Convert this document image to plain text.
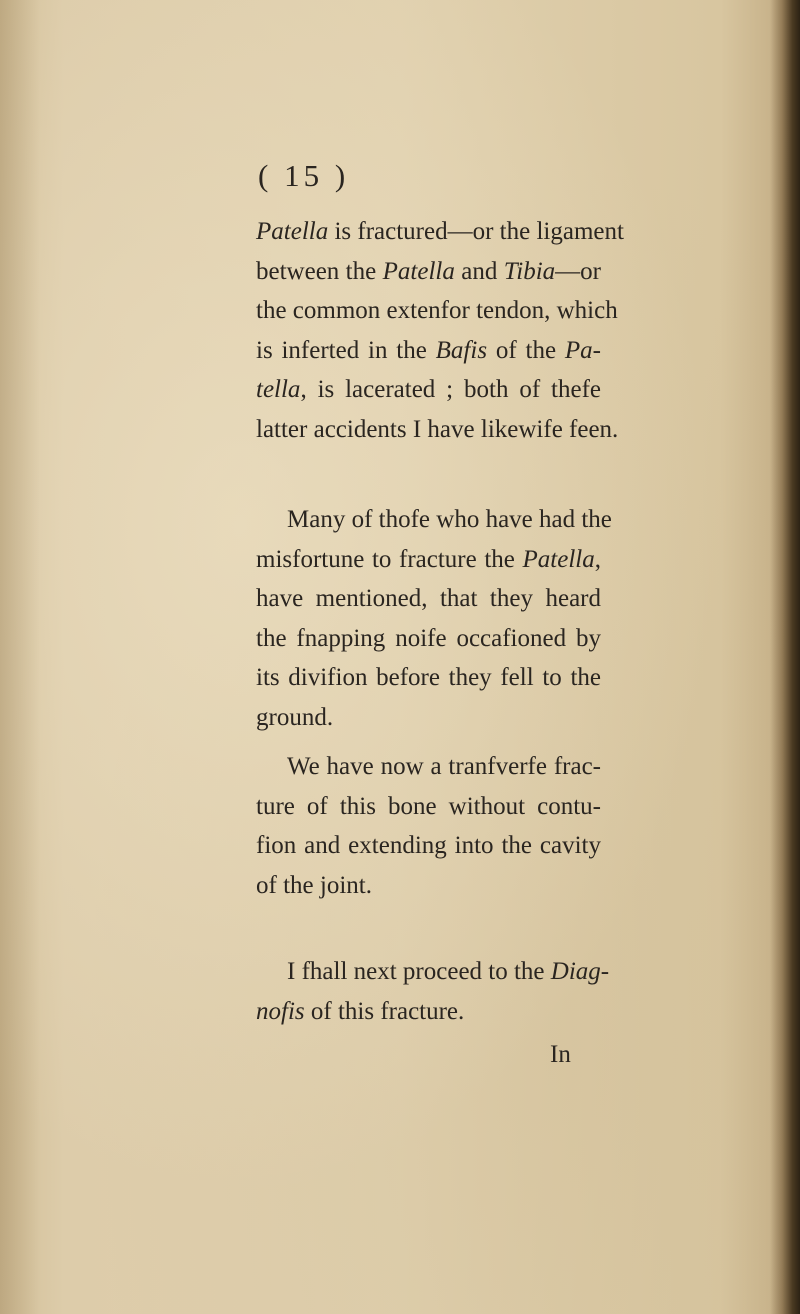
( 15 )

Patella is fractured—or the ligament
between the Patella and Tibia—or
the common extenfor tendon, which
is inferted in the Bafis of the Pa-
tella, is lacerated ; both of thefe
latter accidents I have likewife feen.

Many of thofe who have had the
misfortune to fracture the Patella,
have mentioned, that they heard
the fnapping noife occafioned by
its divifion before they fell to the
ground.

We have now a tranfverfe frac-
ture of this bone without contu-
fion and extending into the cavity
of the joint.

I fhall next proceed to the Diag-
nofis of this fracture.

In
